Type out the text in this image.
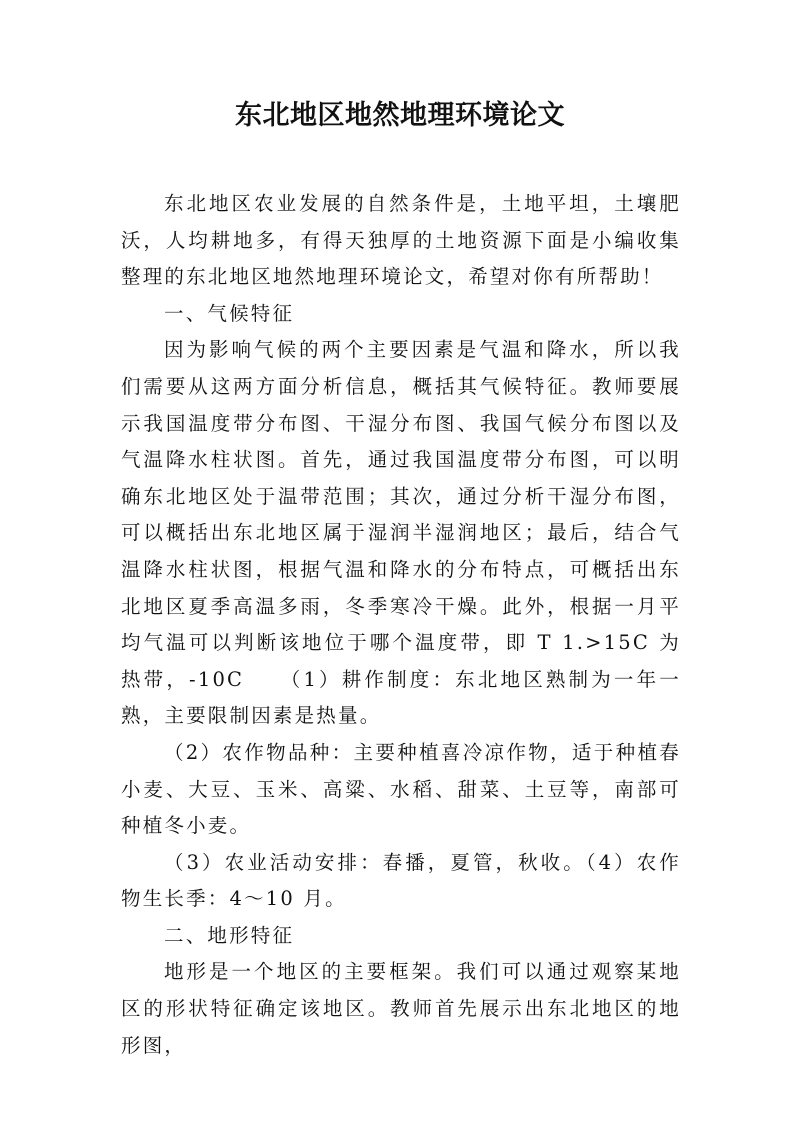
东北地区地然地理环境论文

东北地区农业发展的自然条件是，土地平坦，土壤肥沃，人均耕地多，有得天独厚的土地资源下面是小编收集整理的东北地区地然地理环境论文，希望对你有所帮助！

一、气候特征

因为影响气候的两个主要因素是气温和降水，所以我们需要从这两方面分析信息，概括其气候特征。教师要展示我国温度带分布图、干湿分布图、我国气候分布图以及气温降水柱状图。首先，通过我国温度带分布图，可以明确东北地区处于温带范围；其次，通过分析干湿分布图，可以概括出东北地区属于湿润半湿润地区；最后，结合气温降水柱状图，根据气温和降水的分布特点，可概括出东北地区夏季高温多雨，冬季寒冷干燥。此外，根据一月平均气温可以判断该地位于哪个温度带，即 T 1.>15C 为热带，-10C　　（1）耕作制度：东北地区熟制为一年一熟，主要限制因素是热量。

（2）农作物品种：主要种植喜冷凉作物，适于种植春小麦、大豆、玉米、高粱、水稻、甜菜、土豆等，南部可种植冬小麦。

（3）农业活动安排：春播，夏管，秋收。（4）农作物生长季：4～10 月。

二、地形特征

地形是一个地区的主要框架。我们可以通过观察某地区的形状特征确定该地区。教师首先展示出东北地区的地形图，
